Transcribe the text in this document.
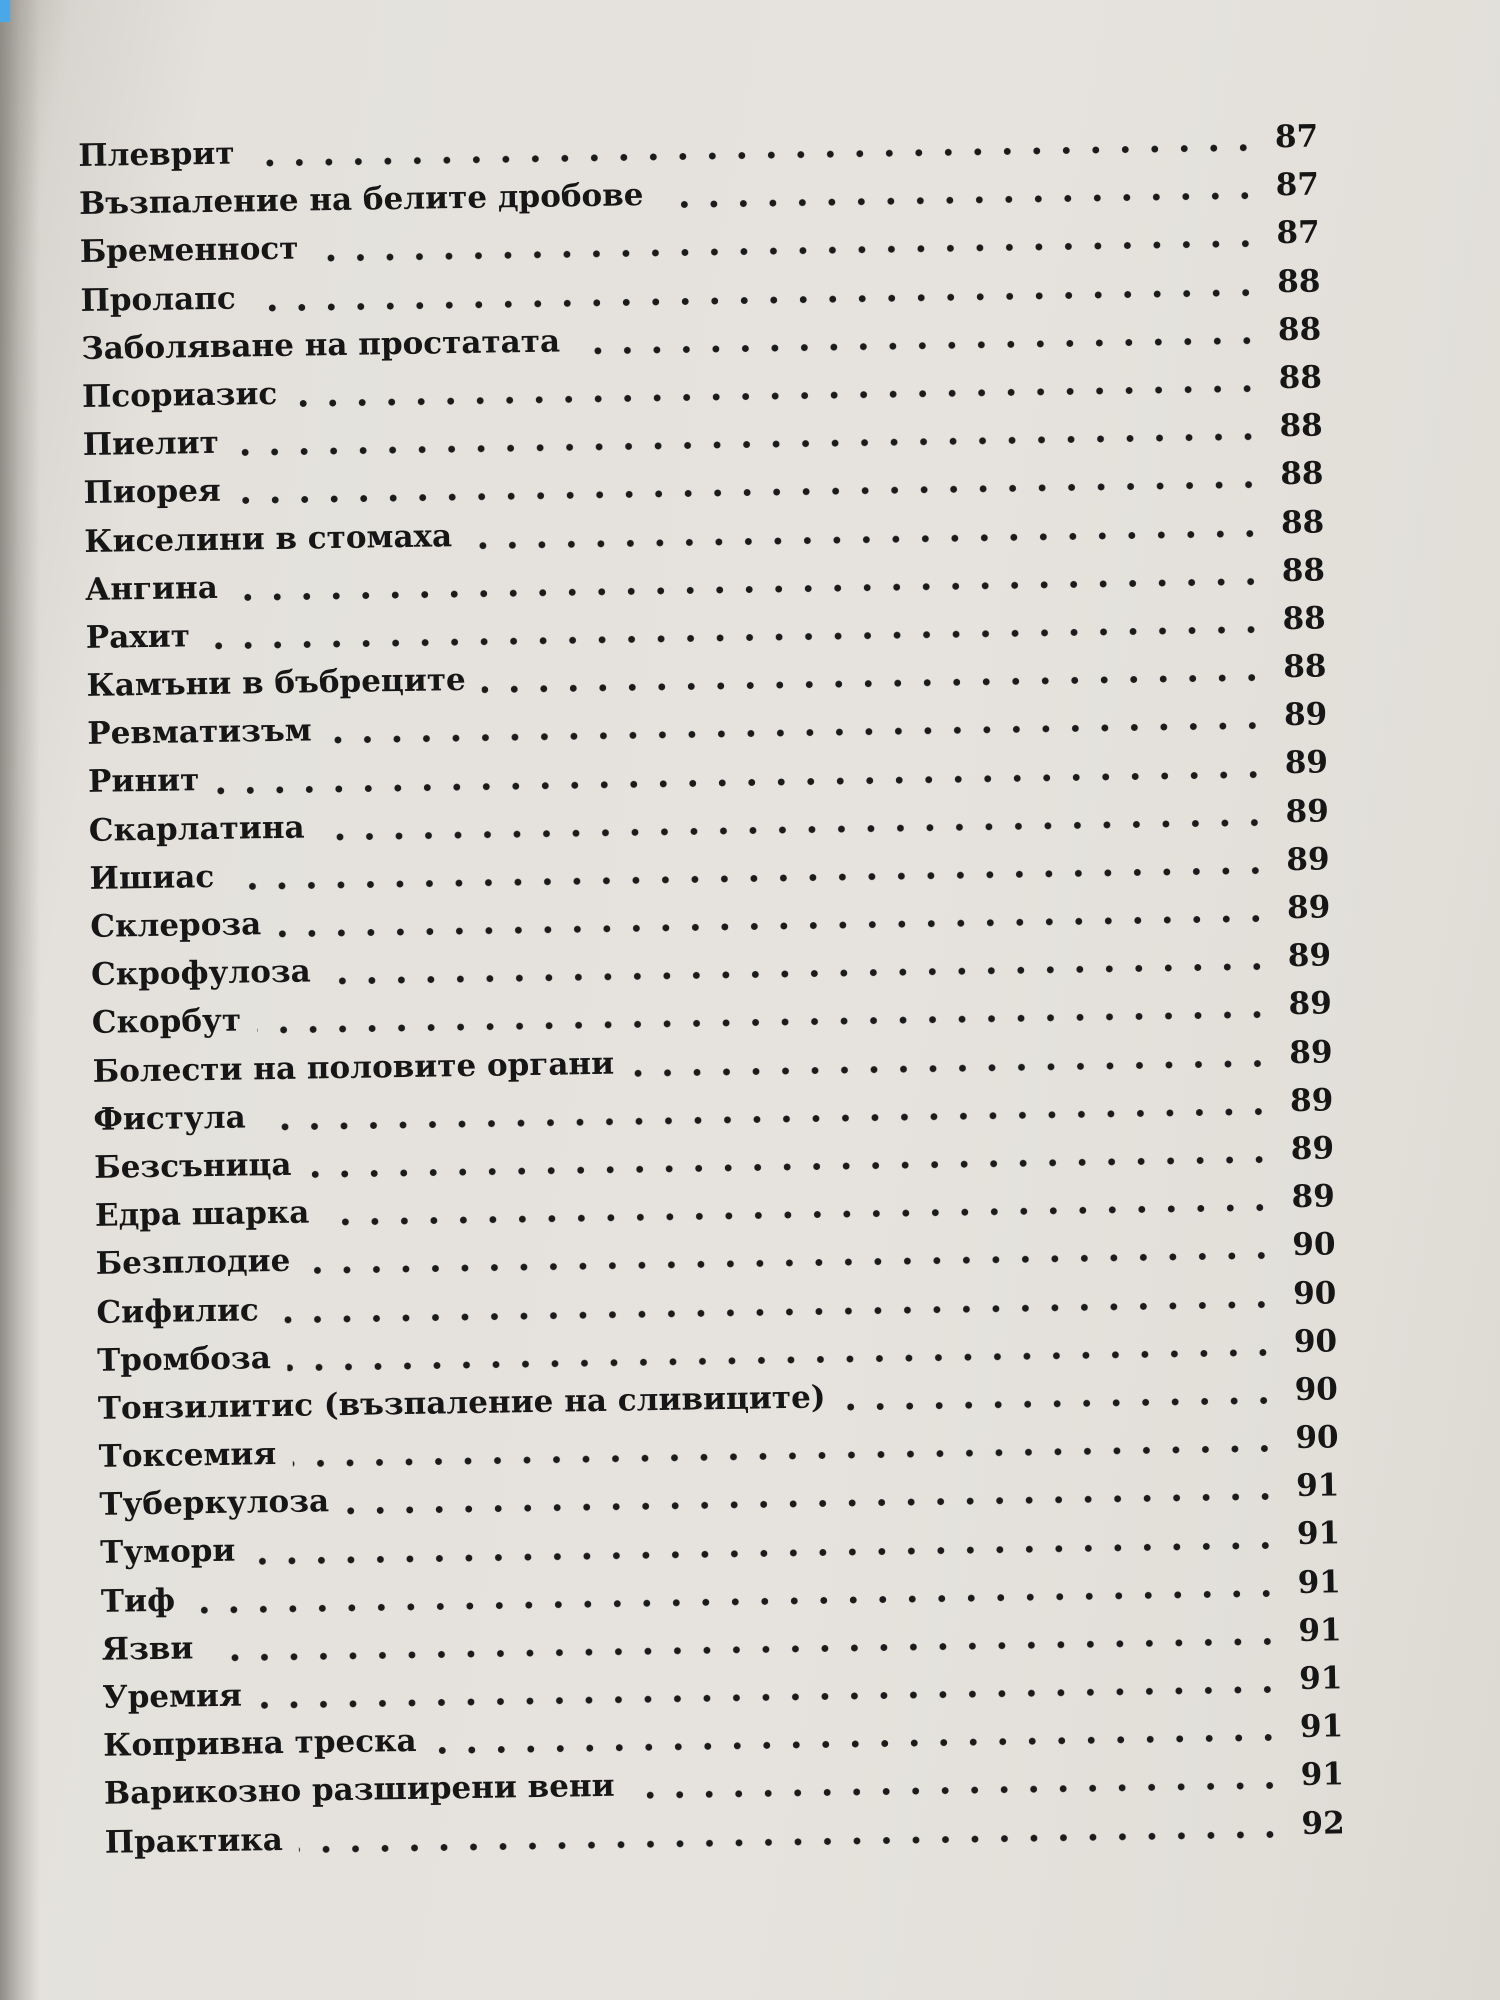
Плеврит	87
Възпаление на белите дробове	87
Бременност	87
Пролапс	88
Заболяване на простатата	88
Псориазис	88
Пиелит	88
Пиорея	88
Киселини в стомаха	88
Ангина	88
Рахит	88
Камъни в бъбреците	88
Ревматизъм	89
Ринит	89
Скарлатина	89
Ишиас	89
Склероза	89
Скрофулоза	89
Скорбут	89
Болести на половите органи	89
Фистула	89
Безсъница	89
Едра шарка	89
Безплодие	90
Сифилис	90
Тромбоза	90
Тонзилитис (възпаление на сливиците)	90
Токсемия	90
Туберкулоза	91
Тумори	91
Тиф	91
Язви	91
Уремия	91
Копривна треска	91
Варикозно разширени вени	91
Практика	92
